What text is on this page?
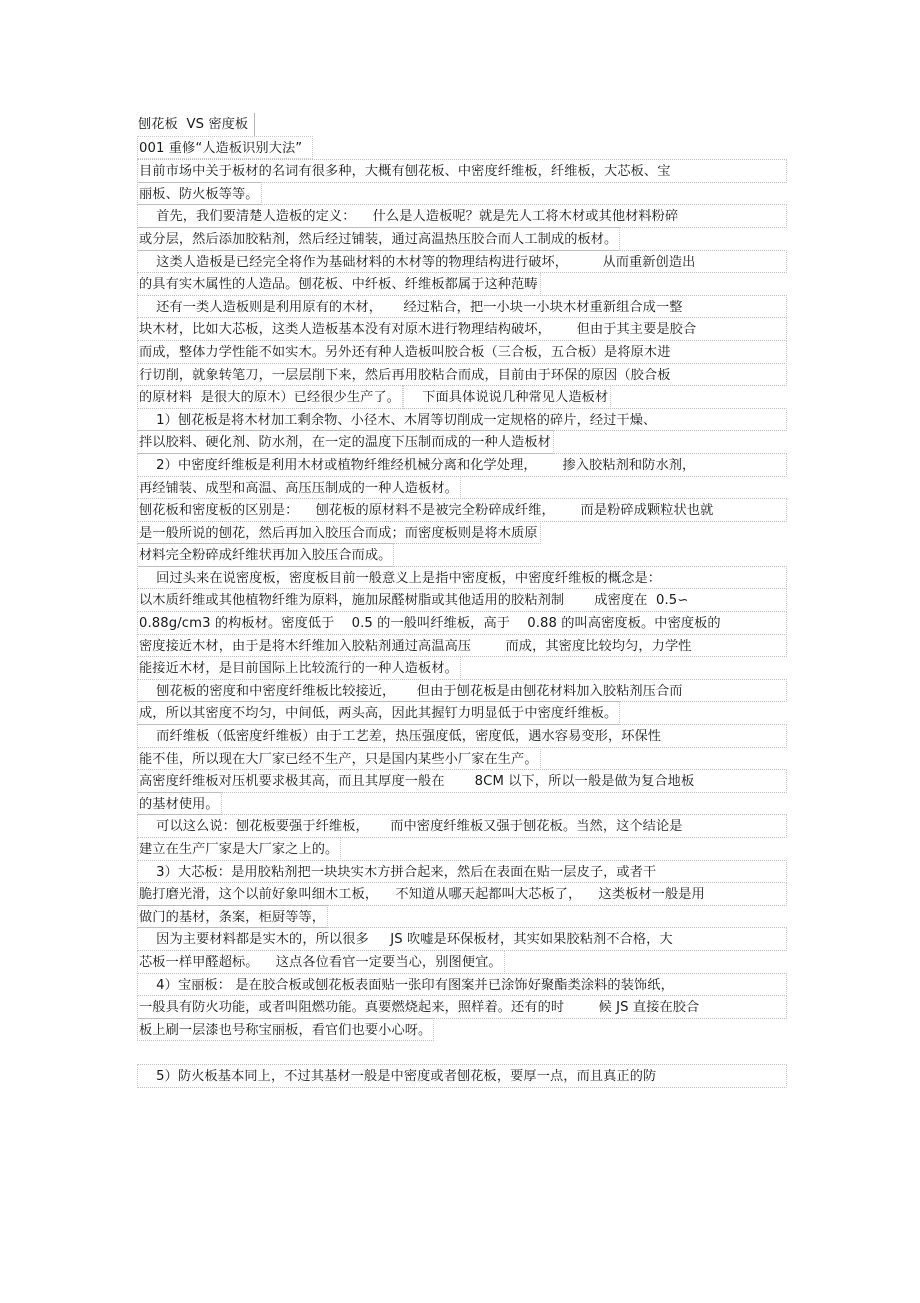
刨花板  VS 密度板
001 重修“人造板识别大法”
目前市场中关于板材的名词有很多种，大概有刨花板、中密度纤维板，纤维板，大芯板、宝
丽板、防火板等等。
首先，我们要清楚人造板的定义：    什么是人造板呢？就是先人工将木材或其他材料粉碎
或分层，然后添加胶粘剂，然后经过铺装，通过高温热压胶合而人工制成的板材。
这类人造板是已经完全将作为基础材料的木材等的物理结构进行破坏，        从而重新创造出
的具有实木属性的人造品。刨花板、中纤板、纤维板都属于这种范畴
还有一类人造板则是利用原有的木材，     经过粘合，把一小块一小块木材重新组合成一整
块木材，比如大芯板，这类人造板基本没有对原木进行物理结构破坏，      但由于其主要是胶合
而成，整体力学性能不如实木。另外还有种人造板叫胶合板（三合板，五合板）是将原木进
行切削，就象转笔刀，一层层削下来，然后再用胶粘合而成，目前由于环保的原因（胶合板
的原材料  是很大的原木）已经很少生产了。    下面具体说说几种常见人造板材
1）刨花板是将木材加工剩余物、小径木、木屑等切削成一定规格的碎片，经过干燥、
拌以胶料、硬化剂、防水剂，在一定的温度下压制而成的一种人造板材
2）中密度纤维板是利用木材或植物纤维经机械分离和化学处理，      掺入胶粘剂和防水剂，
再经铺装、成型和高温、高压压制成的一种人造板材。
刨花板和密度板的区别是：    刨花板的原材料不是被完全粉碎成纤维，      而是粉碎成颗粒状也就
是一般所说的刨花，然后再加入胶压合而成；而密度板则是将木质原材料完全粉碎成纤维状再加入胶压合而成。
回过头来在说密度板，密度板目前一般意义上是指中密度板，中密度纤维板的概念是：
以木质纤维或其他植物纤维为原料，施加尿醛树脂或其他适用的胶粘剂制       成密度在  0.5∽
0.88g/cm3 的构板材。密度低于    0.5 的一般叫纤维板，高于    0.88 的叫高密度板。中密度板的
密度接近木材，由于是将木纤维加入胶粘剂通过高温高压        而成，其密度比较均匀，力学性
能接近木材，是目前国际上比较流行的一种人造板材。
刨花板的密度和中密度纤维板比较接近，     但由于刨花板是由刨花材料加入胶粘剂压合而
成，所以其密度不均匀，中间低，两头高，因此其握钉力明显低于中密度纤维板。
而纤维板（低密度纤维板）由于工艺差，热压强度低，密度低，遇水容易变形，环保性
能不佳，所以现在大厂家已经不生产，只是国内某些小厂家在生产。
高密度纤维板对压机要求极其高，而且其厚度一般在       8CM 以下，所以一般是做为复合地板
的基材使用。
可以这么说：刨花板要强于纤维板，     而中密度纤维板又强于刨花板。当然，这个结论是
建立在生产厂家是大厂家之上的。
3）大芯板：是用胶粘剂把一块块实木方拼合起来，然后在表面在贴一层皮子，或者干
脆打磨光滑，这个以前好象叫细木工板，    不知道从哪天起都叫大芯板了，    这类板材一般是用
做门的基材，条案，柜厨等等，
因为主要材料都是实木的，所以很多     JS 吹嘘是环保板材，其实如果胶粘剂不合格，大
芯板一样甲醛超标。    这点各位看官一定要当心，别图便宜。
4）宝丽板： 是在胶合板或刨花板表面贴一张印有图案并已涂饰好聚酯类涂料的装饰纸，
一般具有防火功能，或者叫阻燃功能。真要燃烧起来，照样着。还有的时        候 JS 直接在胶合
板上刷一层漆也号称宝丽板，看官们也要小心呀。
5）防火板基本同上，不过其基材一般是中密度或者刨花板，要厚一点，而且真正的防
